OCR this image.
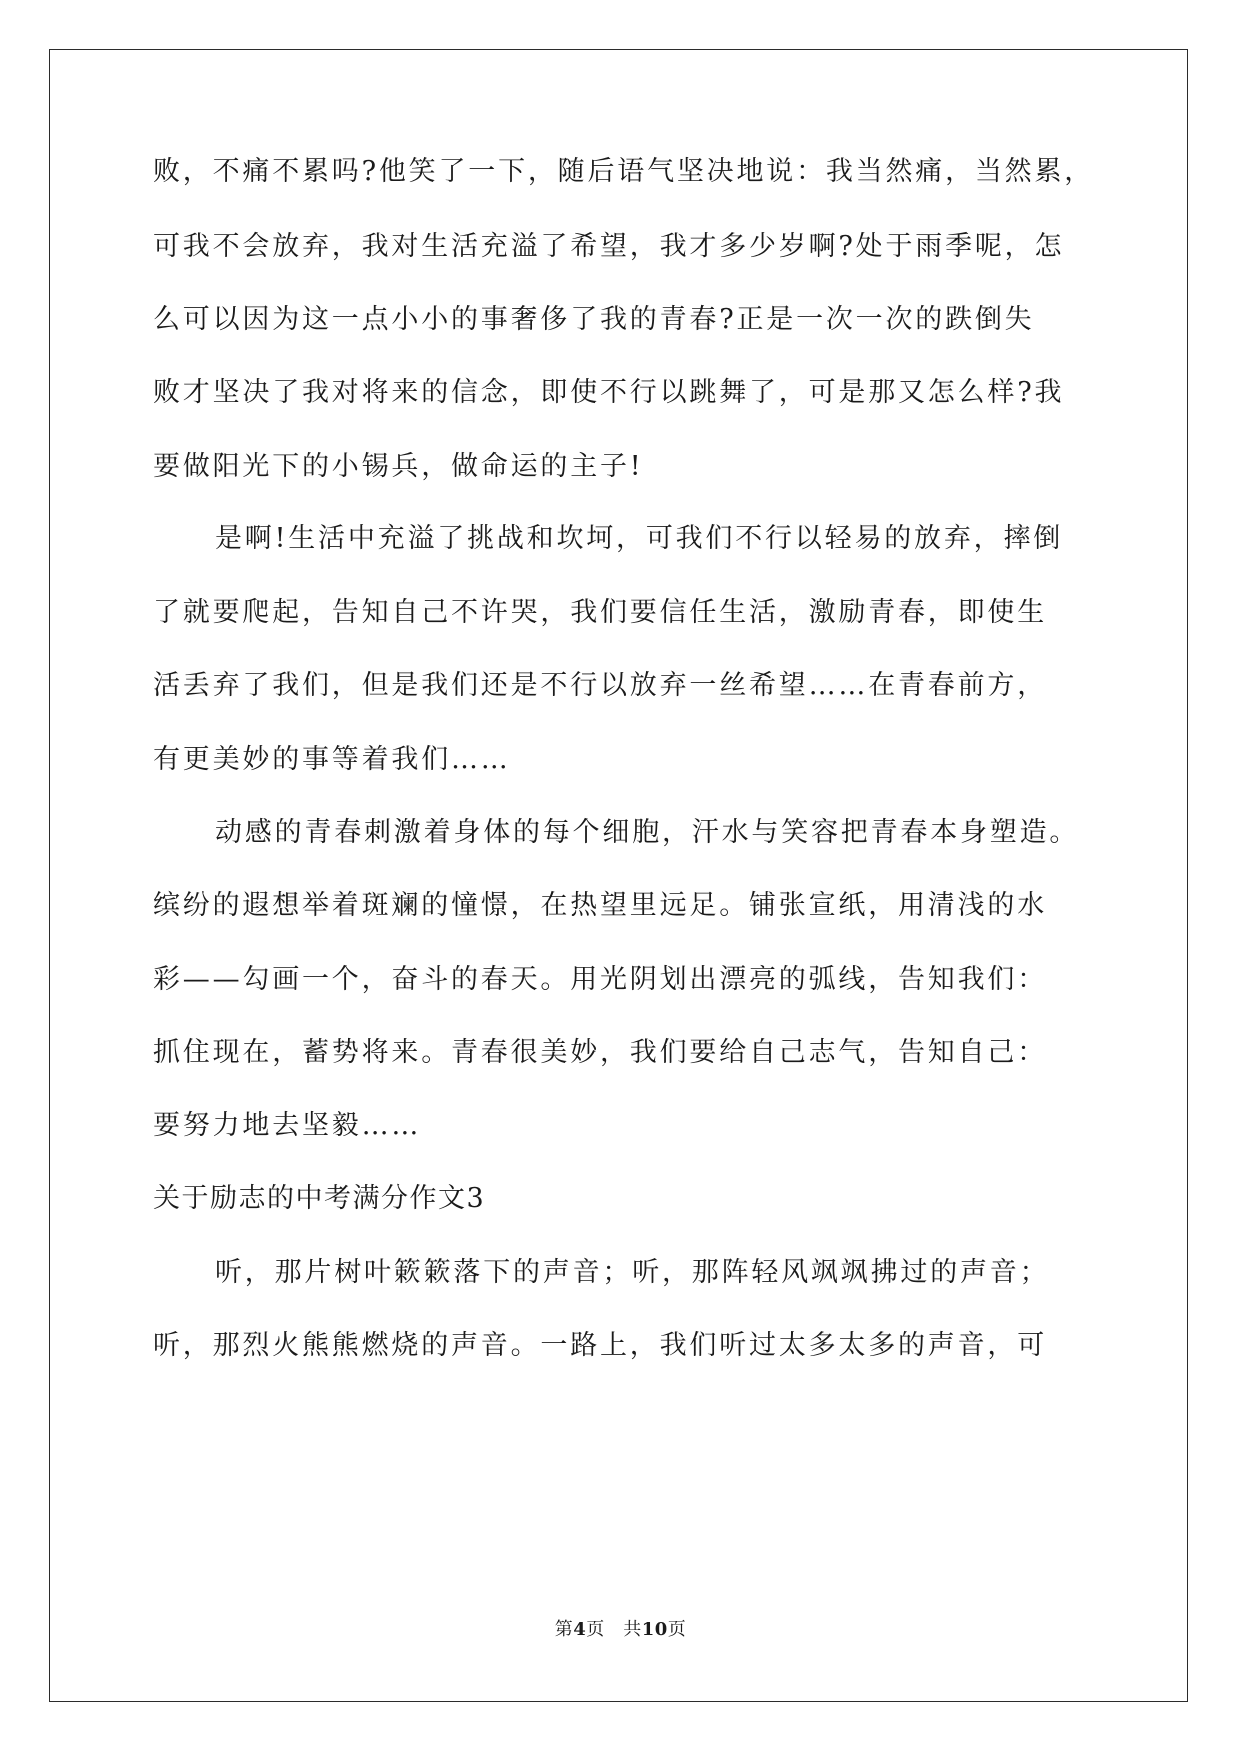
败，不痛不累吗?他笑了一下，随后语气坚决地说：我当然痛，当然累，
可我不会放弃，我对生活充溢了希望，我才多少岁啊?处于雨季呢，怎
么可以因为这一点小小的事奢侈了我的青春?正是一次一次的跌倒失
败才坚决了我对将来的信念，即使不行以跳舞了，可是那又怎么样?我
要做阳光下的小锡兵，做命运的主子!
是啊!生活中充溢了挑战和坎坷，可我们不行以轻易的放弃，摔倒
了就要爬起，告知自己不许哭，我们要信任生活，激励青春，即使生
活丢弃了我们，但是我们还是不行以放弃一丝希望……在青春前方，
有更美妙的事等着我们……
动感的青春刺激着身体的每个细胞，汗水与笑容把青春本身塑造。
缤纷的遐想举着斑斓的憧憬，在热望里远足。铺张宣纸，用清浅的水
彩——勾画一个，奋斗的春天。用光阴划出漂亮的弧线，告知我们：
抓住现在，蓄势将来。青春很美妙，我们要给自己志气，告知自己：
要努力地去坚毅……
关于励志的中考满分作文3
听，那片树叶簌簌落下的声音；听，那阵轻风飒飒拂过的声音；
听，那烈火熊熊燃烧的声音。一路上，我们听过太多太多的声音，可
第4页　共10页
